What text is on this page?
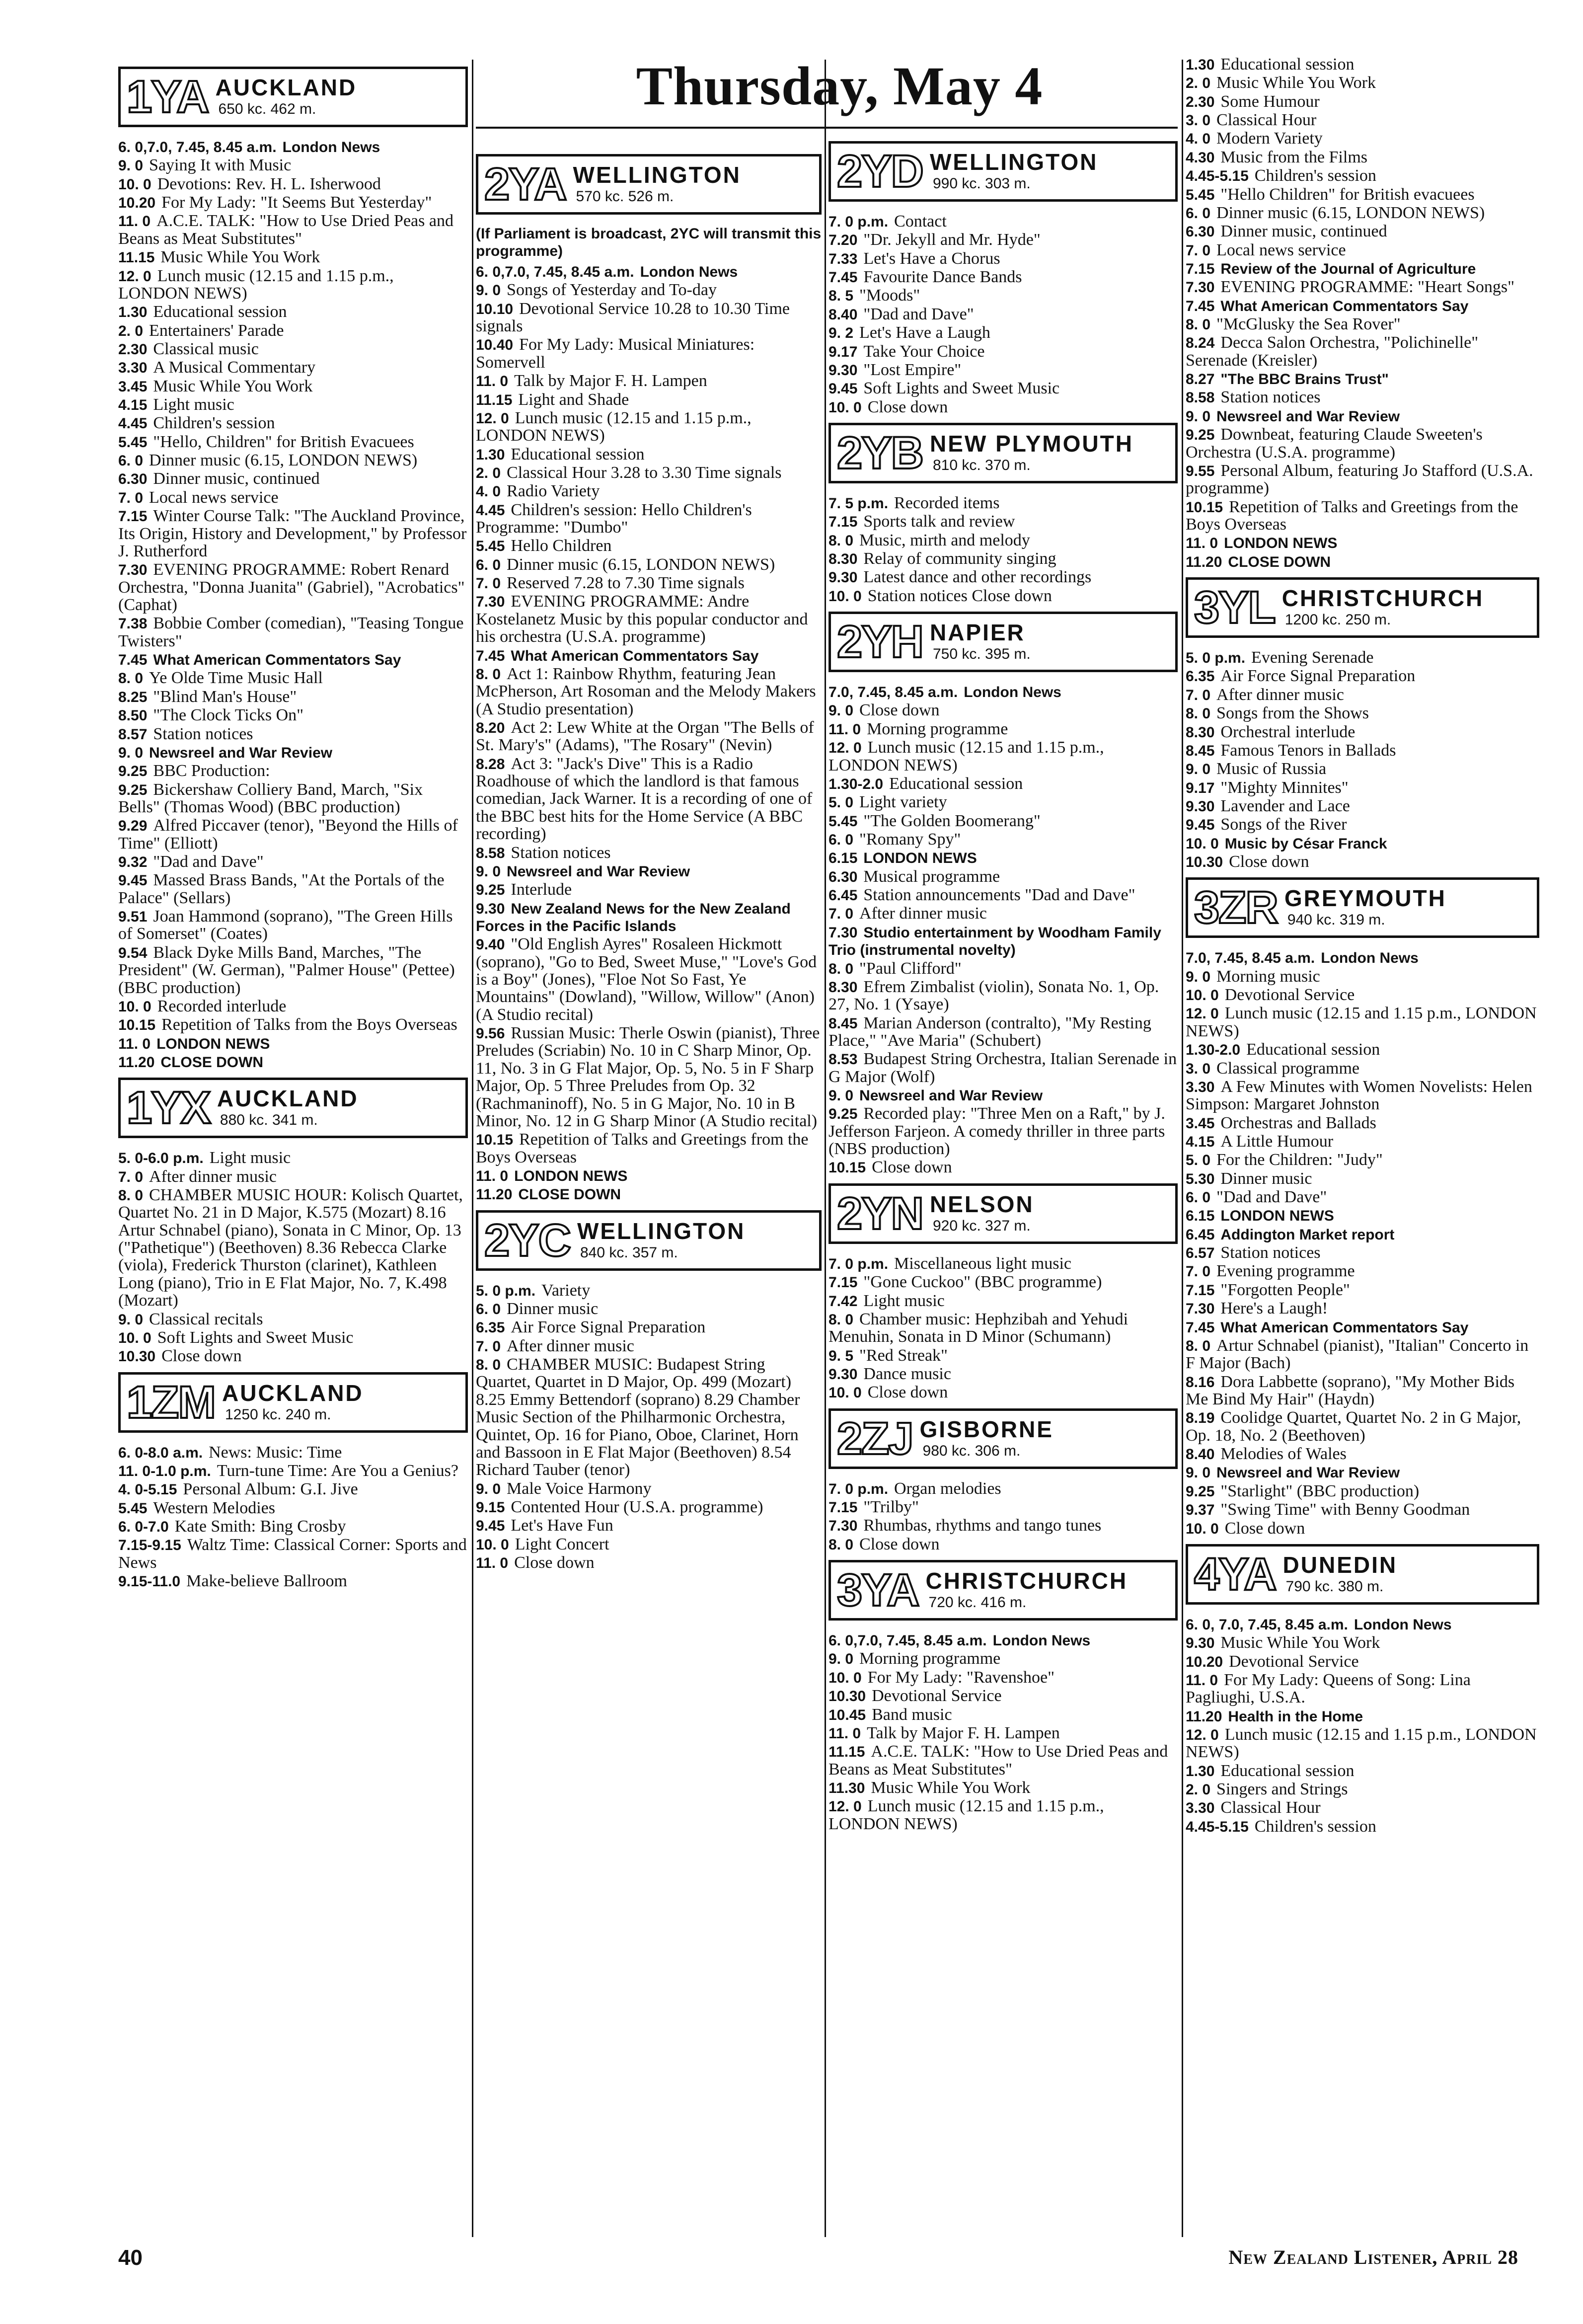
Thursday, May 4
1YA AUCKLAND
650 kc. 462 m.

6. 0,7.0, 7.45, 8.45 a.m. London News

9. 0 Saying It with Music

10. 0 Devotions: Rev. H. L. Isherwood

10.20 For My Lady: "It Seems But Yesterday"

11. 0 A.C.E. TALK: "How to Use Dried Peas and Beans as Meat Substitutes"

11.15 Music While You Work

12. 0 Lunch music (12.15 and 1.15 p.m., LONDON NEWS)

1.30 Educational session

2. 0 Entertainers' Parade

2.30 Classical music

3.30 A Musical Commentary

3.45 Music While You Work

4.15 Light music

4.45 Children's session

5.45 "Hello, Children" for British Evacuees

6. 0 Dinner music (6.15, LONDON NEWS)

6.30 Dinner music, continued

7. 0 Local news service

7.15 Winter Course Talk: "The Auckland Province, Its Origin, History and Development," by Professor J. Rutherford

7.30 EVENING PROGRAMME: Robert Renard Orchestra, "Donna Juanita" (Gabriel), "Acrobatics" (Caphat)

7.38 Bobbie Comber (comedian), "Teasing Tongue Twisters"

7.45 What American Commentators Say

8. 0 Ye Olde Time Music Hall

8.25 "Blind Man's House"

8.50 "The Clock Ticks On"

8.57 Station notices

9. 0 Newsreel and War Review

9.25 BBC Production:

9.25 Bickershaw Colliery Band, March, "Six Bells" (Thomas Wood) (BBC production)

9.29 Alfred Piccaver (tenor), "Beyond the Hills of Time" (Elliott)

9.32 "Dad and Dave"

9.45 Massed Brass Bands, "At the Portals of the Palace" (Sellars)

9.51 Joan Hammond (soprano), "The Green Hills of Somerset" (Coates)

9.54 Black Dyke Mills Band, Marches, "The President" (W. German), "Palmer House" (Pettee) (BBC production)

10. 0 Recorded interlude

10.15 Repetition of Talks from the Boys Overseas

11. 0 LONDON NEWS

11.20 CLOSE DOWN

1YX AUCKLAND
880 kc. 341 m.

5. 0-6.0 p.m. Light music

7. 0 After dinner music

8. 0 CHAMBER MUSIC HOUR: Kolisch Quartet, Quartet No. 21 in D Major, K.575 (Mozart) 8.16 Artur Schnabel (piano), Sonata in C Minor, Op. 13 ("Pathetique") (Beethoven) 8.36 Rebecca Clarke (viola), Frederick Thurston (clarinet), Kathleen Long (piano), Trio in E Flat Major, No. 7, K.498 (Mozart)

9. 0 Classical recitals

10. 0 Soft Lights and Sweet Music

10.30 Close down

1ZM AUCKLAND
1250 kc. 240 m.

6. 0-8.0 a.m. News: Music: Time

11. 0-1.0 p.m. Turn-tune Time: Are You a Genius?

4. 0-5.15 Personal Album: G.I. Jive

5.45 Western Melodies

6. 0-7.0 Kate Smith: Bing Crosby

7.15-9.15 Waltz Time: Classical Corner: Sports and News

9.15-11.0 Make-believe Ballroom

2YA WELLINGTON
570 kc. 526 m.
(If Parliament is broadcast, 2YC will transmit this programme)

6. 0,7.0, 7.45, 8.45 a.m. London News

9. 0 Songs of Yesterday and To-day

10.10 Devotional Service 10.28 to 10.30 Time signals

10.40 For My Lady: Musical Miniatures: Somervell

11. 0 Talk by Major F. H. Lampen

11.15 Light and Shade

12. 0 Lunch music (12.15 and 1.15 p.m., LONDON NEWS)

1.30 Educational session

2. 0 Classical Hour 3.28 to 3.30 Time signals

4. 0 Radio Variety

4.45 Children's session: Hello Children's Programme: "Dumbo"

5.45 Hello Children

6. 0 Dinner music (6.15, LONDON NEWS)

7. 0 Reserved 7.28 to 7.30 Time signals

7.30 EVENING PROGRAMME: Andre Kostelanetz Music by this popular conductor and his orchestra (U.S.A. programme)

7.45 What American Commentators Say

8. 0 Act 1: Rainbow Rhythm, featuring Jean McPherson, Art Rosoman and the Melody Makers (A Studio presentation)

8.20 Act 2: Lew White at the Organ "The Bells of St. Mary's" (Adams), "The Rosary" (Nevin)

8.28 Act 3: "Jack's Dive" This is a Radio Roadhouse of which the landlord is that famous comedian, Jack Warner. It is a recording of one of the BBC best hits for the Home Service (A BBC recording)

8.58 Station notices

9. 0 Newsreel and War Review

9.25 Interlude

9.30 New Zealand News for the New Zealand Forces in the Pacific Islands

9.40 "Old English Ayres" Rosaleen Hickmott (soprano), "Go to Bed, Sweet Muse," "Love's God is a Boy" (Jones), "Floe Not So Fast, Ye Mountains" (Dowland), "Willow, Willow" (Anon) (A Studio recital)

9.56 Russian Music: Therle Oswin (pianist), Three Preludes (Scriabin) No. 10 in C Sharp Minor, Op. 11, No. 3 in G Flat Major, Op. 5, No. 5 in F Sharp Major, Op. 5 Three Preludes from Op. 32 (Rachmaninoff), No. 5 in G Major, No. 10 in B Minor, No. 12 in G Sharp Minor (A Studio recital)

10.15 Repetition of Talks and Greetings from the Boys Overseas

11. 0 LONDON NEWS

11.20 CLOSE DOWN

2YC WELLINGTON
840 kc. 357 m.

5. 0 p.m. Variety

6. 0 Dinner music

6.35 Air Force Signal Preparation

7. 0 After dinner music

8. 0 CHAMBER MUSIC: Budapest String Quartet, Quartet in D Major, Op. 499 (Mozart) 8.25 Emmy Bettendorf (soprano) 8.29 Chamber Music Section of the Philharmonic Orchestra, Quintet, Op. 16 for Piano, Oboe, Clarinet, Horn and Bassoon in E Flat Major (Beethoven) 8.54 Richard Tauber (tenor)

9. 0 Male Voice Harmony

9.15 Contented Hour (U.S.A. programme)

9.45 Let's Have Fun

10. 0 Light Concert

11. 0 Close down

2YD WELLINGTON
990 kc. 303 m.

7. 0 p.m. Contact

7.20 "Dr. Jekyll and Mr. Hyde"

7.33 Let's Have a Chorus

7.45 Favourite Dance Bands

8. 5 "Moods"

8.40 "Dad and Dave"

9. 2 Let's Have a Laugh

9.17 Take Your Choice

9.30 "Lost Empire"

9.45 Soft Lights and Sweet Music

10. 0 Close down

2YB NEW PLYMOUTH
810 kc. 370 m.

7. 5 p.m. Recorded items

7.15 Sports talk and review

8. 0 Music, mirth and melody

8.30 Relay of community singing

9.30 Latest dance and other recordings

10. 0 Station notices Close down

2YH NAPIER
750 kc. 395 m.

7.0, 7.45, 8.45 a.m. London News

9. 0 Close down

11. 0 Morning programme

12. 0 Lunch music (12.15 and 1.15 p.m., LONDON NEWS)

1.30-2.0 Educational session

5. 0 Light variety

5.45 "The Golden Boomerang"

6. 0 "Romany Spy"

6.15 LONDON NEWS

6.30 Musical programme

6.45 Station announcements "Dad and Dave"

7. 0 After dinner music

7.30 Studio entertainment by Woodham Family Trio (instrumental novelty)

8. 0 "Paul Clifford"

8.30 Efrem Zimbalist (violin), Sonata No. 1, Op. 27, No. 1 (Ysaye)

8.45 Marian Anderson (contralto), "My Resting Place," "Ave Maria" (Schubert)

8.53 Budapest String Orchestra, Italian Serenade in G Major (Wolf)

9. 0 Newsreel and War Review

9.25 Recorded play: "Three Men on a Raft," by J. Jefferson Farjeon. A comedy thriller in three parts (NBS production)

10.15 Close down

2YN NELSON
920 kc. 327 m.

7. 0 p.m. Miscellaneous light music

7.15 "Gone Cuckoo" (BBC programme)

7.42 Light music

8. 0 Chamber music: Hephzibah and Yehudi Menuhin, Sonata in D Minor (Schumann)

9. 5 "Red Streak"

9.30 Dance music

10. 0 Close down

2ZJ GISBORNE
980 kc. 306 m.

7. 0 p.m. Organ melodies

7.15 "Trilby"

7.30 Rhumbas, rhythms and tango tunes

8. 0 Close down

3YA CHRISTCHURCH
720 kc. 416 m.

6. 0,7.0, 7.45, 8.45 a.m. London News

9. 0 Morning programme

10. 0 For My Lady: "Ravenshoe"

10.30 Devotional Service

10.45 Band music

11. 0 Talk by Major F. H. Lampen

11.15 A.C.E. TALK: "How to Use Dried Peas and Beans as Meat Substitutes"

11.30 Music While You Work

12. 0 Lunch music (12.15 and 1.15 p.m., LONDON NEWS)

1.30 Educational session

2. 0 Music While You Work

2.30 Some Humour

3. 0 Classical Hour

4. 0 Modern Variety

4.30 Music from the Films

4.45-5.15 Children's session

5.45 "Hello Children" for British evacuees

6. 0 Dinner music (6.15, LONDON NEWS)

6.30 Dinner music, continued

7. 0 Local news service

7.15 Review of the Journal of Agriculture

7.30 EVENING PROGRAMME: "Heart Songs"

7.45 What American Commentators Say

8. 0 "McGlusky the Sea Rover"

8.24 Decca Salon Orchestra, "Polichinelle" Serenade (Kreisler)

8.27 "The BBC Brains Trust"

8.58 Station notices

9. 0 Newsreel and War Review

9.25 Downbeat, featuring Claude Sweeten's Orchestra (U.S.A. programme)

9.55 Personal Album, featuring Jo Stafford (U.S.A. programme)

10.15 Repetition of Talks and Greetings from the Boys Overseas

11. 0 LONDON NEWS

11.20 CLOSE DOWN

3YL CHRISTCHURCH
1200 kc. 250 m.

5. 0 p.m. Evening Serenade

6.35 Air Force Signal Preparation

7. 0 After dinner music

8. 0 Songs from the Shows

8.30 Orchestral interlude

8.45 Famous Tenors in Ballads

9. 0 Music of Russia

9.17 "Mighty Minnites"

9.30 Lavender and Lace

9.45 Songs of the River

10. 0 Music by César Franck

10.30 Close down

3ZR GREYMOUTH
940 kc. 319 m.

7.0, 7.45, 8.45 a.m. London News

9. 0 Morning music

10. 0 Devotional Service

12. 0 Lunch music (12.15 and 1.15 p.m., LONDON NEWS)

1.30-2.0 Educational session

3. 0 Classical programme

3.30 A Few Minutes with Women Novelists: Helen Simpson: Margaret Johnston

3.45 Orchestras and Ballads

4.15 A Little Humour

5. 0 For the Children: "Judy"

5.30 Dinner music

6. 0 "Dad and Dave"

6.15 LONDON NEWS

6.45 Addington Market report

6.57 Station notices

7. 0 Evening programme

7.15 "Forgotten People"

7.30 Here's a Laugh!

7.45 What American Commentators Say

8. 0 Artur Schnabel (pianist), "Italian" Concerto in F Major (Bach)

8.16 Dora Labbette (soprano), "My Mother Bids Me Bind My Hair" (Haydn)

8.19 Coolidge Quartet, Quartet No. 2 in G Major, Op. 18, No. 2 (Beethoven)

8.40 Melodies of Wales

9. 0 Newsreel and War Review

9.25 "Starlight" (BBC production)

9.37 "Swing Time" with Benny Goodman

10. 0 Close down

4YA DUNEDIN
790 kc. 380 m.

6. 0, 7.0, 7.45, 8.45 a.m. London News

9.30 Music While You Work

10.20 Devotional Service

11. 0 For My Lady: Queens of Song: Lina Pagliughi, U.S.A.

11.20 Health in the Home

12. 0 Lunch music (12.15 and 1.15 p.m., LONDON NEWS)

1.30 Educational session

2. 0 Singers and Strings

3.30 Classical Hour

4.45-5.15 Children's session

40	New Zealand Listener, April 28
